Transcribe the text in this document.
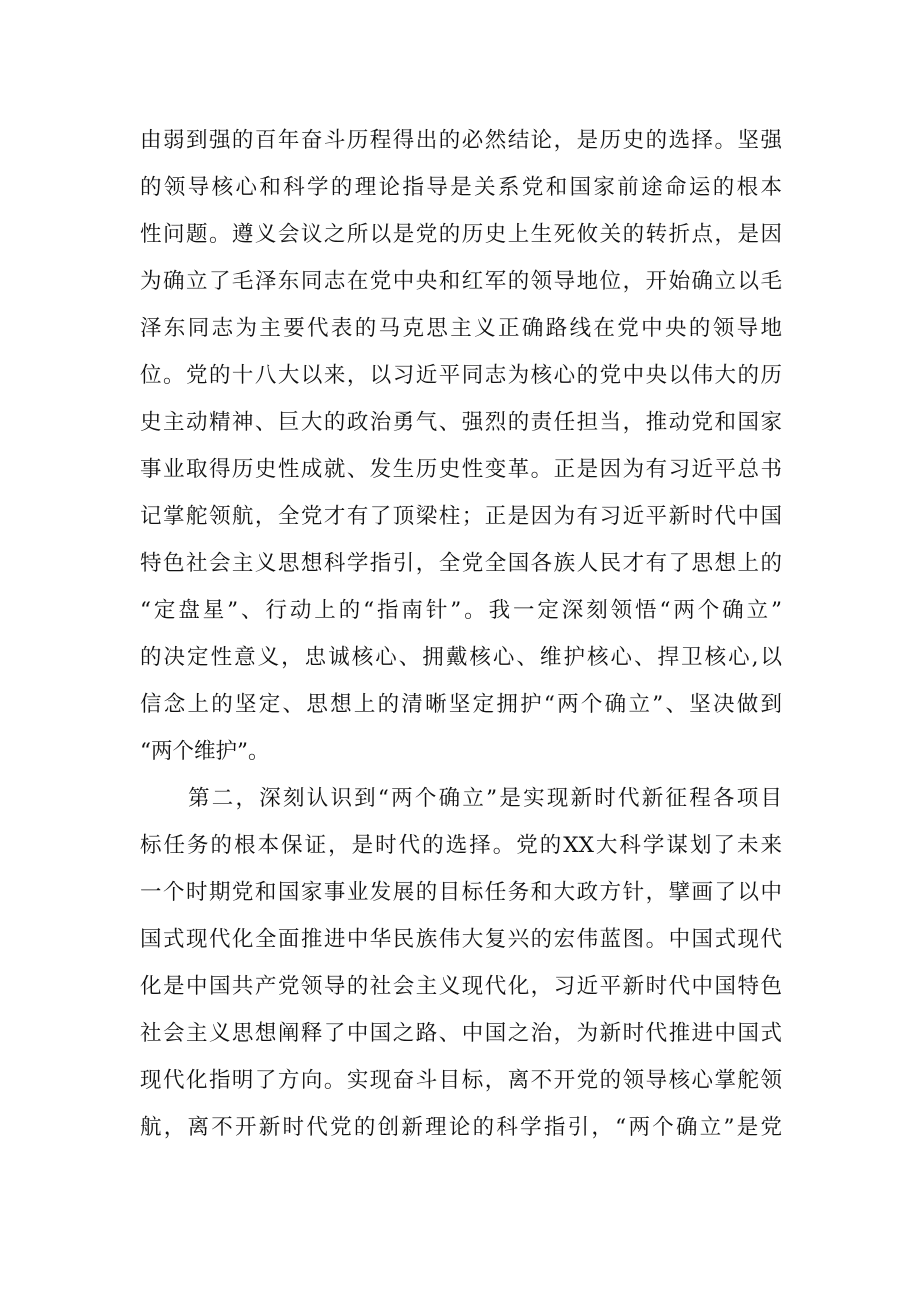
由弱到强的百年奋斗历程得出的必然结论，是历史的选择。坚强
的领导核心和科学的理论指导是关系党和国家前途命运的根本
性问题。遵义会议之所以是党的历史上生死攸关的转折点，是因
为确立了毛泽东同志在党中央和红军的领导地位，开始确立以毛
泽东同志为主要代表的马克思主义正确路线在党中央的领导地
位。党的十八大以来，以习近平同志为核心的党中央以伟大的历
史主动精神、巨大的政治勇气、强烈的责任担当，推动党和国家
事业取得历史性成就、发生历史性变革。正是因为有习近平总书
记掌舵领航，全党才有了顶梁柱；正是因为有习近平新时代中国
特色社会主义思想科学指引，全党全国各族人民才有了思想上的
“定盘星”、行动上的“指南针”。我一定深刻领悟“两个确立”
的决定性意义，忠诚核心、拥戴核心、维护核心、捍卫核心,以
信念上的坚定、思想上的清晰坚定拥护“两个确立”、坚决做到
“两个维护”。
第二，深刻认识到“两个确立”是实现新时代新征程各项目
标任务的根本保证，是时代的选择。党的XX大科学谋划了未来
一个时期党和国家事业发展的目标任务和大政方针，擘画了以中
国式现代化全面推进中华民族伟大复兴的宏伟蓝图。中国式现代
化是中国共产党领导的社会主义现代化，习近平新时代中国特色
社会主义思想阐释了中国之路、中国之治，为新时代推进中国式
现代化指明了方向。实现奋斗目标，离不开党的领导核心掌舵领
航，离不开新时代党的创新理论的科学指引，“两个确立”是党
